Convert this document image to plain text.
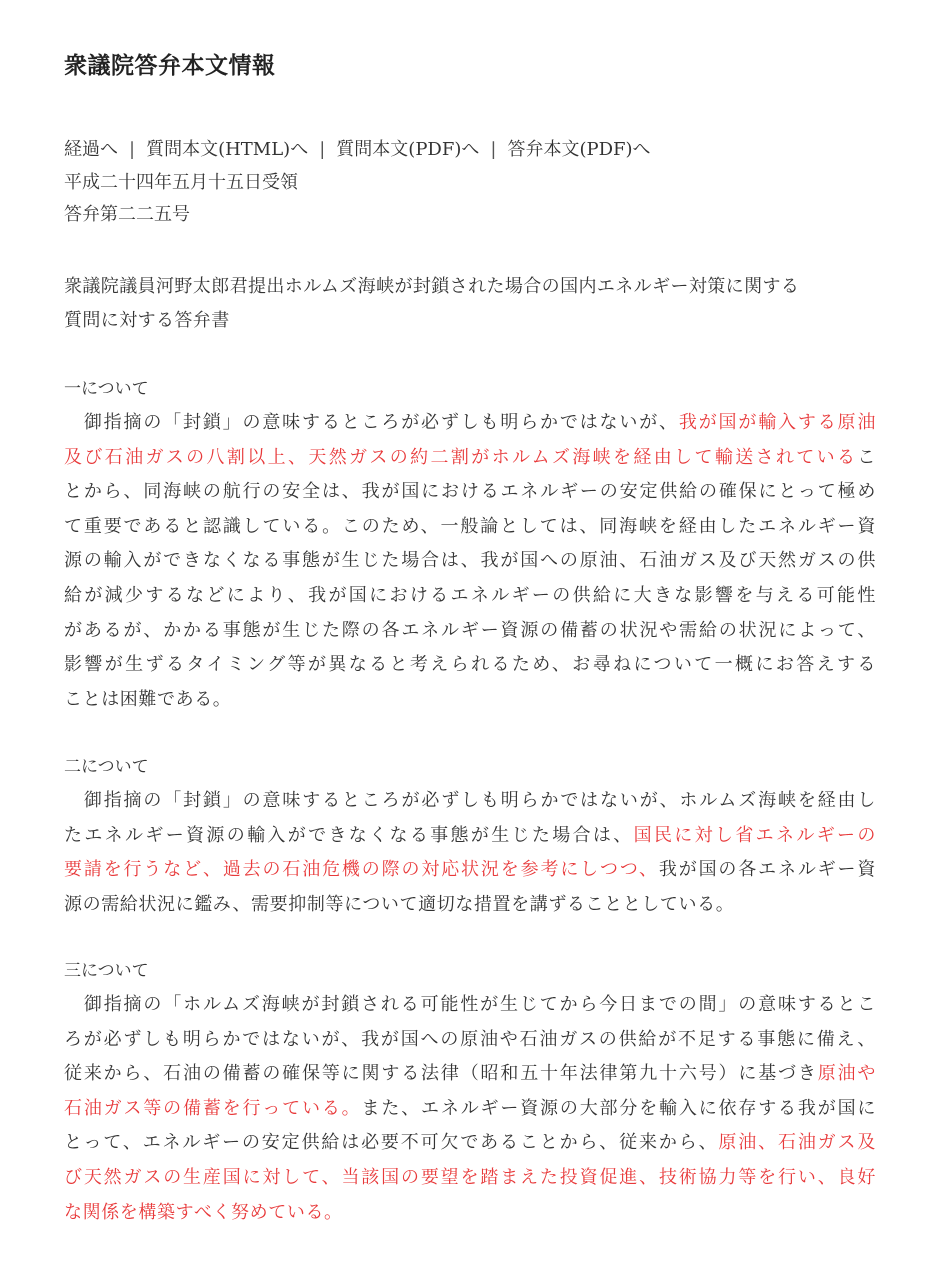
衆議院答弁本文情報
経過へ | 質問本文(HTML)へ | 質問本文(PDF)へ | 答弁本文(PDF)へ
平成二十四年五月十五日受領
答弁第二二五号
衆議院議員河野太郎君提出ホルムズ海峡が封鎖された場合の国内エネルギー対策に関する
質問に対する答弁書
一について
　御指摘の「封鎖」の意味するところが必ずしも明らかではないが、我が国が輸入する原油
及び石油ガスの八割以上、天然ガスの約二割がホルムズ海峡を経由して輸送されているこ
とから、同海峡の航行の安全は、我が国におけるエネルギーの安定供給の確保にとって極め
て重要であると認識している。このため、一般論としては、同海峡を経由したエネルギー資
源の輸入ができなくなる事態が生じた場合は、我が国への原油、石油ガス及び天然ガスの供
給が減少するなどにより、我が国におけるエネルギーの供給に大きな影響を与える可能性
があるが、かかる事態が生じた際の各エネルギー資源の備蓄の状況や需給の状況によって、
影響が生ずるタイミング等が異なると考えられるため、お尋ねについて一概にお答えする
ことは困難である。
二について
　御指摘の「封鎖」の意味するところが必ずしも明らかではないが、ホルムズ海峡を経由し
たエネルギー資源の輸入ができなくなる事態が生じた場合は、国民に対し省エネルギーの
要請を行うなど、過去の石油危機の際の対応状況を参考にしつつ、我が国の各エネルギー資
源の需給状況に鑑み、需要抑制等について適切な措置を講ずることとしている。
三について
　御指摘の「ホルムズ海峡が封鎖される可能性が生じてから今日までの間」の意味するとこ
ろが必ずしも明らかではないが、我が国への原油や石油ガスの供給が不足する事態に備え、
従来から、石油の備蓄の確保等に関する法律（昭和五十年法律第九十六号）に基づき原油や
石油ガス等の備蓄を行っている。また、エネルギー資源の大部分を輸入に依存する我が国に
とって、エネルギーの安定供給は必要不可欠であることから、従来から、原油、石油ガス及
び天然ガスの生産国に対して、当該国の要望を踏まえた投資促進、技術協力等を行い、良好
な関係を構築すべく努めている。
